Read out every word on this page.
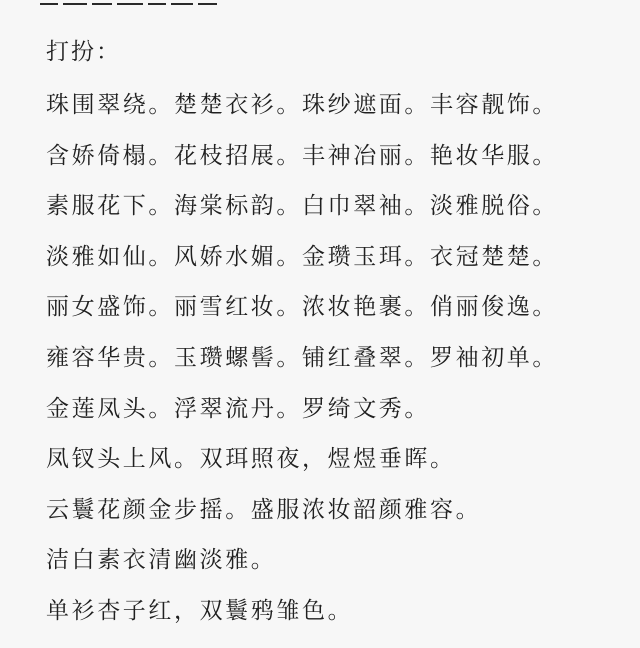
打扮：
珠围翠绕。楚楚衣衫。珠纱遮面。丰容靓饰。
含娇倚榻。花枝招展。丰神冶丽。艳妆华服。
素服花下。海棠标韵。白巾翠袖。淡雅脱俗。
淡雅如仙。风娇水媚。金瓒玉珥。衣冠楚楚。
丽女盛饰。丽雪红妆。浓妆艳裹。俏丽俊逸。
雍容华贵。玉瓒螺髻。铺红叠翠。罗袖初单。
金莲凤头。浮翠流丹。罗绮文秀。
凤钗头上风。双珥照夜，煜煜垂晖。
云鬟花颜金步摇。盛服浓妆韶颜雅容。
洁白素衣清幽淡雅。
单衫杏子红，双鬟鸦雏色。
